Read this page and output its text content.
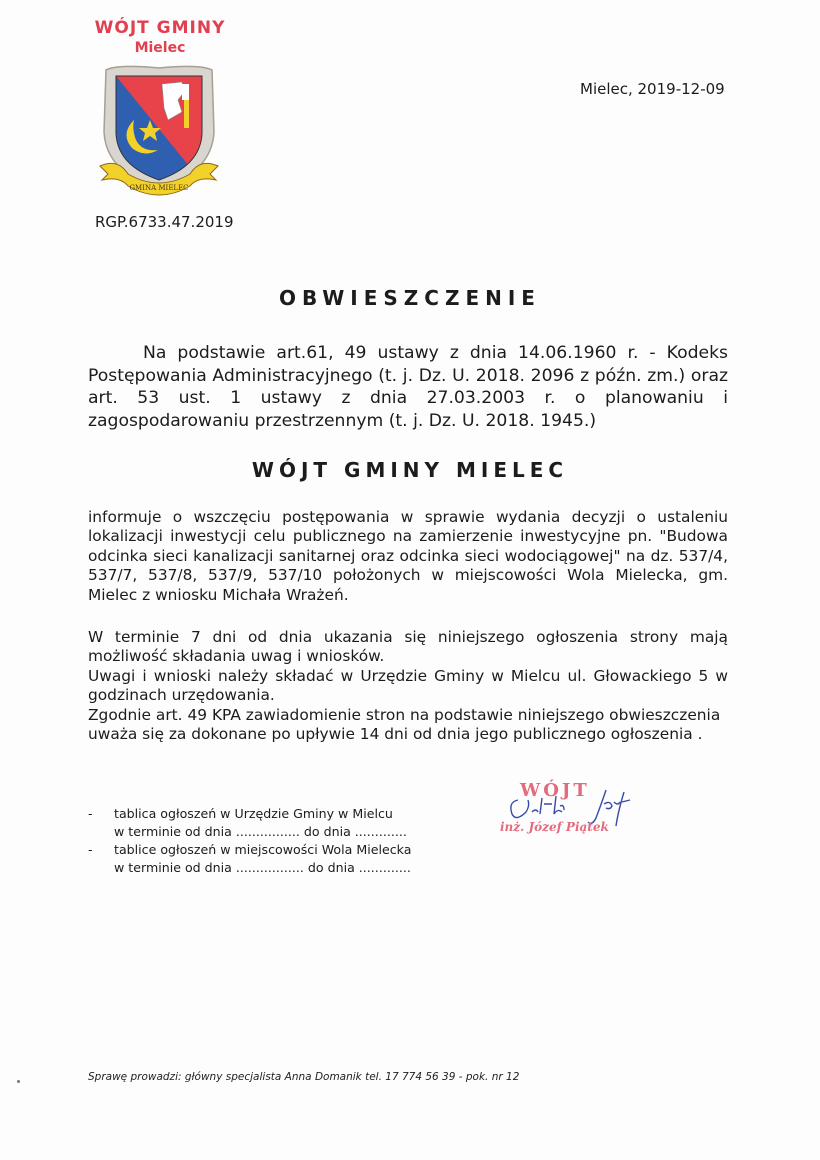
WÓJT GMINY
Mielec
GMINA MIELEC
Mielec, 2019-12-09
RGP.6733.47.2019
OBWIESZCZENIE
Na podstawie art.61, 49 ustawy z dnia 14.06.1960 r. - Kodeks Postępowania Administracyjnego (t. j. Dz. U. 2018. 2096 z późn. zm.) oraz art. 53 ust. 1 ustawy z dnia 27.03.2003 r. o planowaniu i zagospodarowaniu przestrzennym (t. j. Dz. U. 2018. 1945.)
WÓJT GMINY MIELEC
informuje o wszczęciu postępowania w sprawie wydania decyzji o ustaleniu lokalizacji inwestycji celu publicznego na zamierzenie inwestycyjne pn. "Budowa odcinka sieci kanalizacji sanitarnej oraz odcinka sieci wodociągowej" na dz. 537/4, 537/7, 537/8, 537/9, 537/10 położonych w miejscowości Wola Mielecka, gm. Mielec z wniosku Michała Wrażeń.

W terminie 7 dni od dnia ukazania się niniejszego ogłoszenia strony mają możliwość składania uwag i wniosków.

Uwagi i wnioski należy składać w Urzędzie Gminy w Mielcu ul. Głowackiego 5 w godzinach urzędowania.

Zgodnie art. 49 KPA zawiadomienie stron na podstawie niniejszego obwieszczenia uważa się za dokonane po upływie 14 dni od dnia jego publicznego ogłoszenia .

-	tablica ogłoszeń w Urzędzie Gminy w Mielcu
w terminie od dnia ................ do dnia .............
-	tablice ogłoszeń w miejscowości Wola Mielecka
w terminie od dnia ................. do dnia .............
WÓJT
inż. Józef Piątek
Sprawę prowadzi: główny specjalista Anna Domanik tel. 17 774 56 39 - pok. nr 12
